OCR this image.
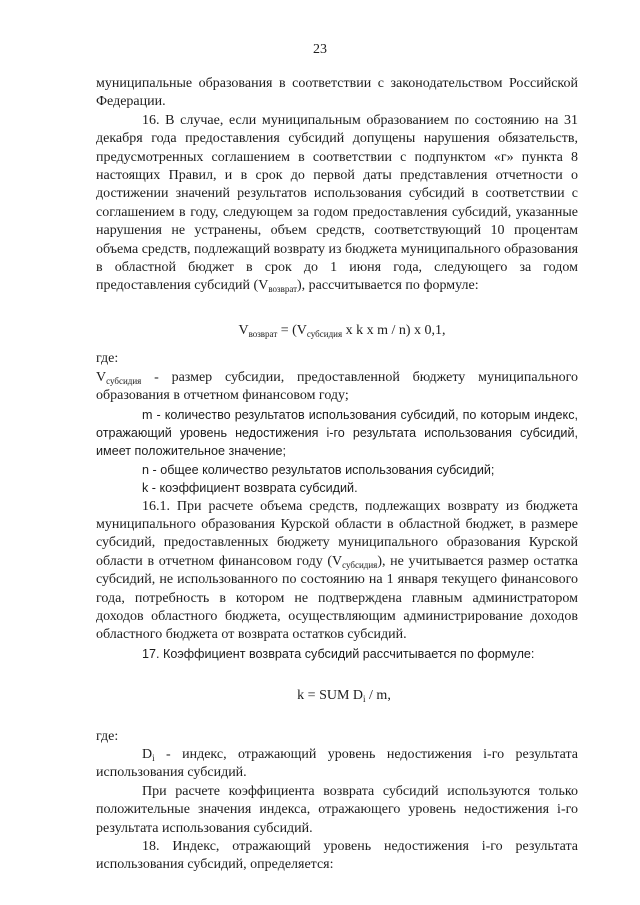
23

муниципальные образования в соответствии с законодательством Российской Федерации.

16. В случае, если муниципальным образованием по состоянию на 31 декабря года предоставления субсидий допущены нарушения обязательств, предусмотренных соглашением в соответствии с подпунктом «г» пункта 8 настоящих Правил, и в срок до первой даты представления отчетности о достижении значений результатов использования субсидий в соответствии с соглашением в году, следующем за годом предоставления субсидий, указанные нарушения не устранены, объем средств, соответствующий 10 процентам объема средств, подлежащий возврату из бюджета муниципального образования в областной бюджет в срок до 1 июня года, следующего за годом предоставления субсидий $(V_{возврат})$, рассчитывается по формуле:

$V_{возврат} = (V_{субсидия}$ x k x m / n) x 0,1,

где:

$V_{субсидия}$ - размер субсидии, предоставленной бюджету муниципального образования в отчетном финансовом году;

m - количество результатов использования субсидий, по которым индекс, отражающий уровень недостижения i-го результата использования субсидий, имеет положительное значение;

n - общее количество результатов использования субсидий;

k - коэффициент возврата субсидий.

16.1. При расчете объема средств, подлежащих возврату из бюджета муниципального образования Курской области в областной бюджет, в размере субсидий, предоставленных бюджету муниципального образования Курской области в отчетном финансовом году $(V_{субсидия})$, не учитывается размер остатка субсидий, не использованного по состоянию на 1 января текущего финансового года, потребность в котором не подтверждена главным администратором доходов областного бюджета, осуществляющим администрирование доходов областного бюджета от возврата остатков субсидий.

17. Коэффициент возврата субсидий рассчитывается по формуле:

k = SUM $D_i$ / m,

где:

$D_i$ - индекс, отражающий уровень недостижения i-го результата использования субсидий.

При расчете коэффициента возврата субсидий используются только положительные значения индекса, отражающего уровень недостижения i-го результата использования субсидий.

18. Индекс, отражающий уровень недостижения i-го результата использования субсидий, определяется:
